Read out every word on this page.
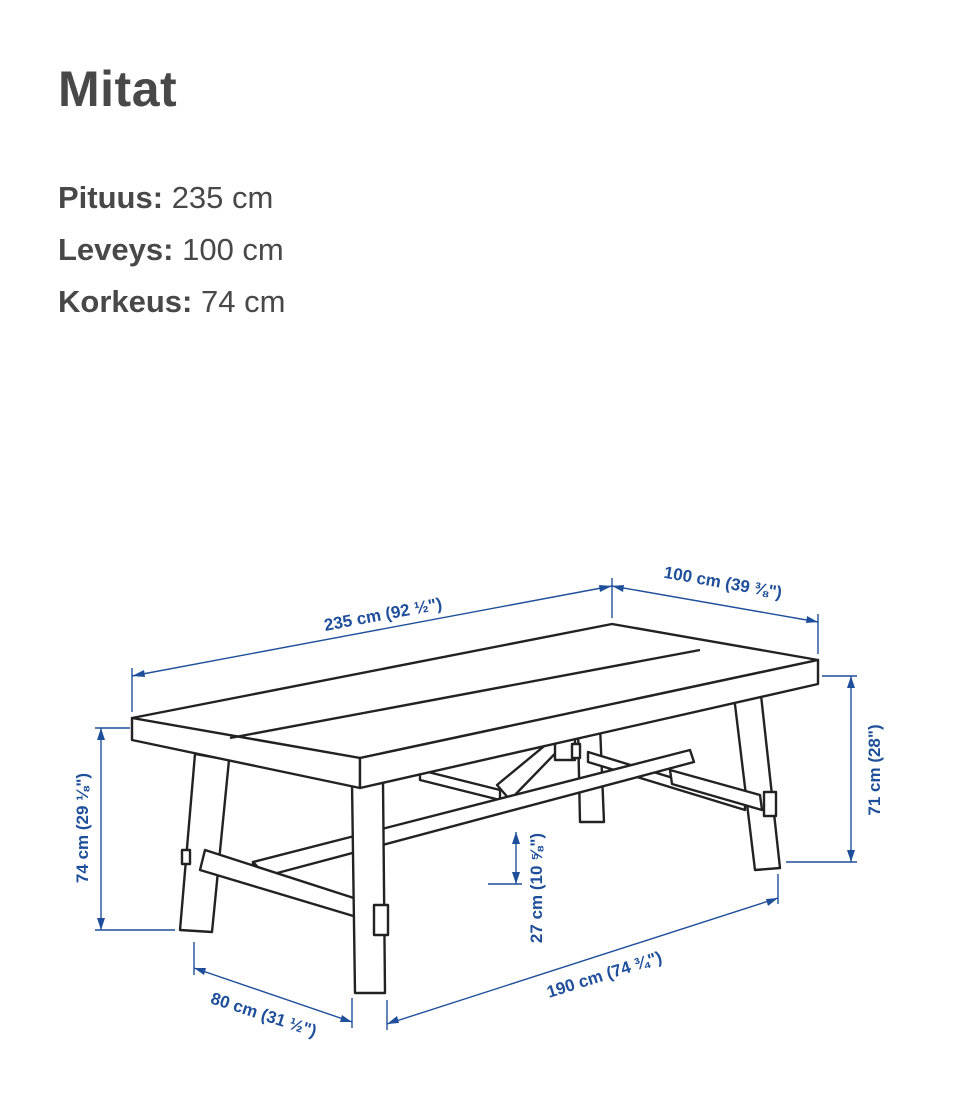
Mitat
Pituus: 235 cm
Leveys: 100 cm
Korkeus: 74 cm
235 cm (92 ½")
100 cm (39 ⅜")
74 cm (29 ⅛")
71 cm (28")
27 cm (10 ⅝")
80 cm (31 ½")
190 cm (74 ¾")
